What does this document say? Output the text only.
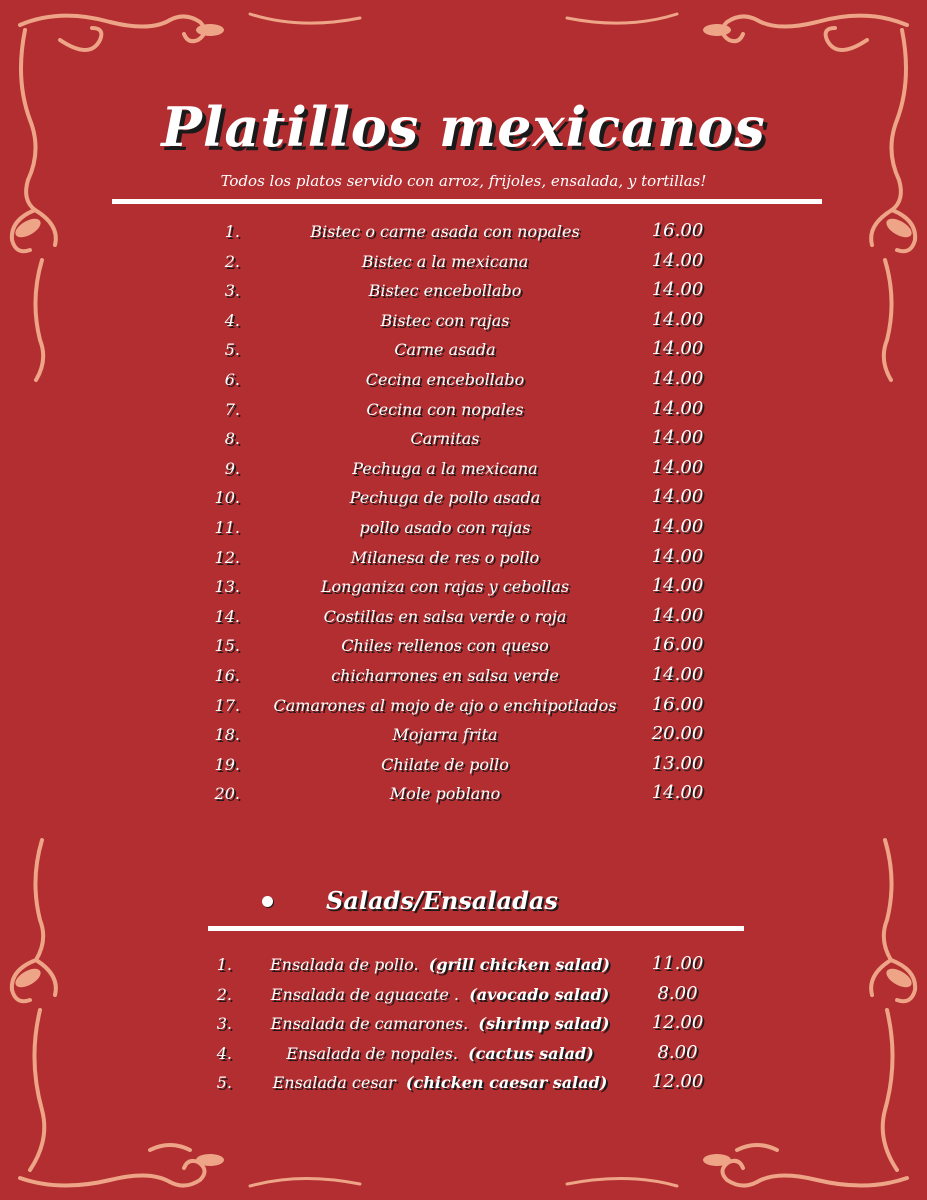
Platillos mexicanos
Todos los platos servido con arroz, frijoles, ensalada, y tortillas!
1.	Bistec o carne asada con nopales	16.00
2.	Bistec a la mexicana	14.00
3.	Bistec encebollabo	14.00
4.	Bistec con rajas	14.00
5.	Carne asada	14.00
6.	Cecina encebollabo	14.00
7.	Cecina con nopales	14.00
8.	Carnitas	14.00
9.	Pechuga a la mexicana	14.00
10.	Pechuga de pollo asada	14.00
11.	pollo asado con rajas	14.00
12.	Milanesa de res o pollo	14.00
13.	Longaniza con rajas y cebollas	14.00
14.	Costillas en salsa verde o roja	14.00
15.	Chiles rellenos con queso	16.00
16.	chicharrones en salsa verde	14.00
17.	Camarones al mojo de ajo o enchipotlados	16.00
18.	Mojarra frita	20.00
19.	Chilate de pollo	13.00
20.	Mole poblano	14.00
Salads/Ensaladas
1.	Ensalada de pollo. (grill chicken salad)	11.00
2.	Ensalada de aguacate . (avocado salad)	8.00
3.	Ensalada de camarones. (shrimp salad)	12.00
4.	Ensalada de nopales. (cactus salad)	8.00
5.	Ensalada cesar (chicken caesar salad)	12.00
